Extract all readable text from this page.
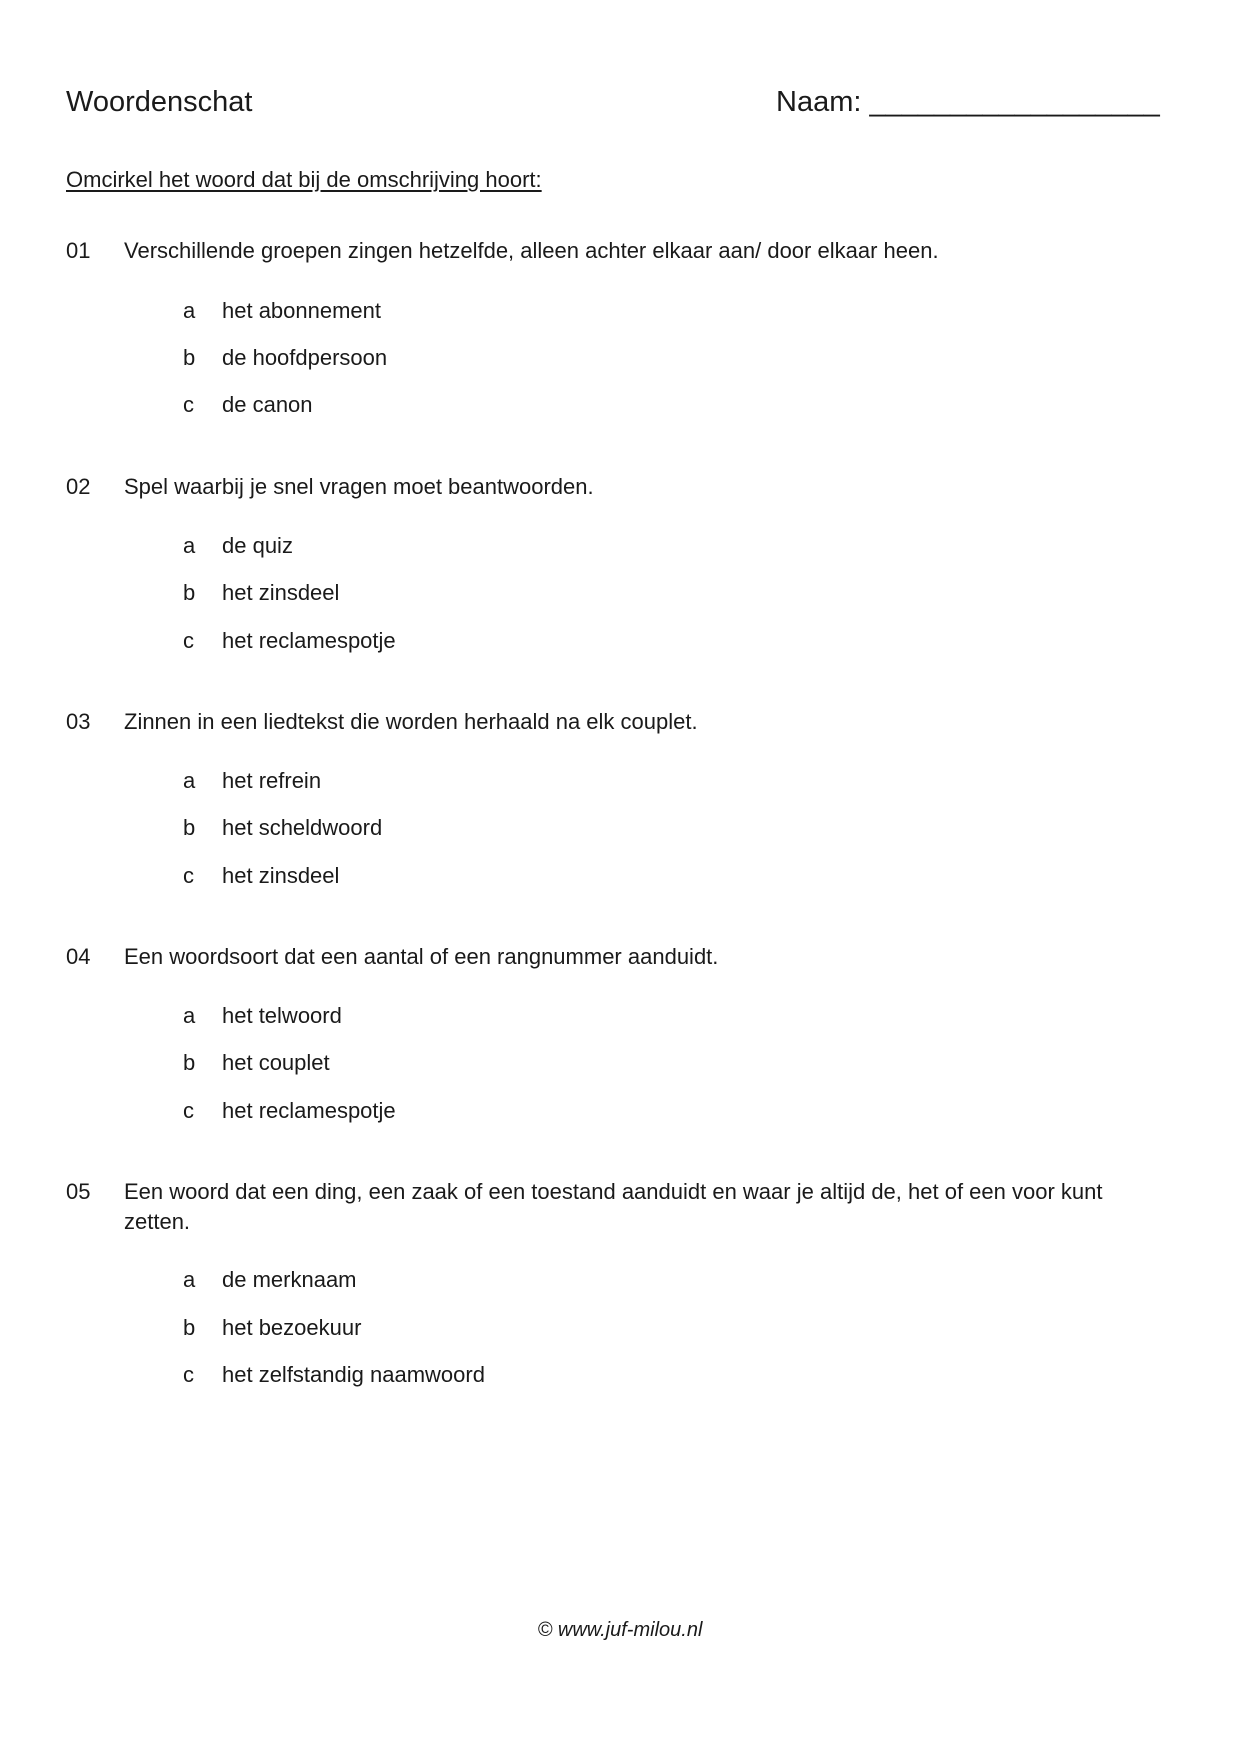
Woordenschat	Naam: __________________
Omcirkel het woord dat bij de omschrijving hoort:
01 Verschillende groepen zingen hetzelfde, alleen achter elkaar aan/ door elkaar heen.
a het abonnement
b de hoofdpersoon
c de canon
02 Spel waarbij je snel vragen moet beantwoorden.
a de quiz
b het zinsdeel
c het reclamespotje
03 Zinnen in een liedtekst die worden herhaald na elk couplet.
a het refrein
b het scheldwoord
c het zinsdeel
04 Een woordsoort dat een aantal of een rangnummer aanduidt.
a het telwoord
b het couplet
c het reclamespotje
05 Een woord dat een ding, een zaak of een toestand aanduidt en waar je altijd de, het of een voor kunt zetten.
a de merknaam
b het bezoekuur
c het zelfstandig naamwoord
© www.juf-milou.nl
